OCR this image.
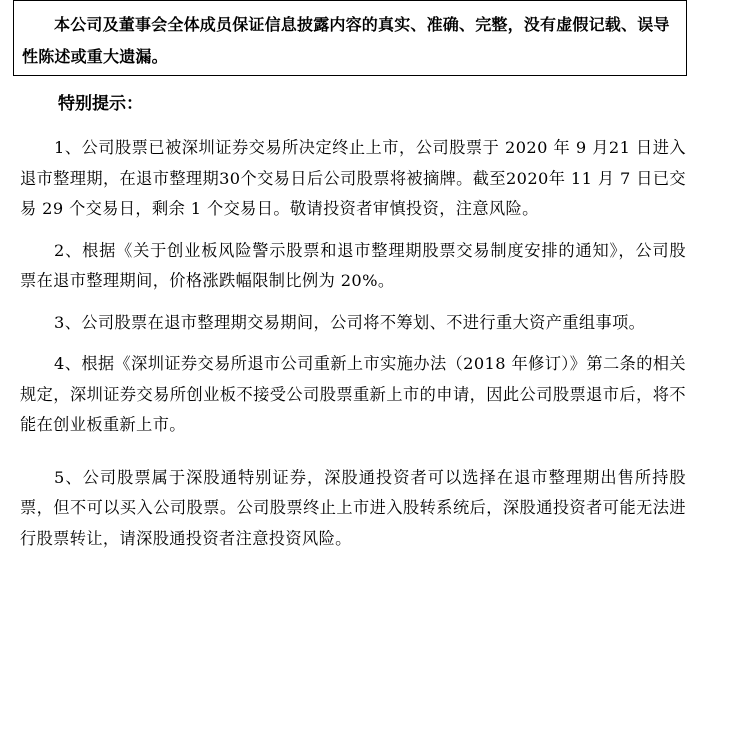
本公司及董事会全体成员保证信息披露内容的真实、准确、完整，没有虚假记载、误导性陈述或重大遗漏。
特别提示：

1、公司股票已被深圳证券交易所决定终止上市，公司股票于 2020 年 9 月21 日进入退市整理期，在退市整理期30个交易日后公司股票将被摘牌。截至2020年 11 月 7 日已交易 29 个交易日，剩余 1 个交易日。敬请投资者审慎投资，注意风险。

2、根据《关于创业板风险警示股票和退市整理期股票交易制度安排的通知》，公司股票在退市整理期间，价格涨跌幅限制比例为 20%。

3、公司股票在退市整理期交易期间，公司将不筹划、不进行重大资产重组事项。

4、根据《深圳证券交易所退市公司重新上市实施办法（2018 年修订）》第二条的相关规定，深圳证券交易所创业板不接受公司股票重新上市的申请，因此公司股票退市后，将不能在创业板重新上市。

5、公司股票属于深股通特别证券，深股通投资者可以选择在退市整理期出售所持股票，但不可以买入公司股票。公司股票终止上市进入股转系统后，深股通投资者可能无法进行股票转让，请深股通投资者注意投资风险。
